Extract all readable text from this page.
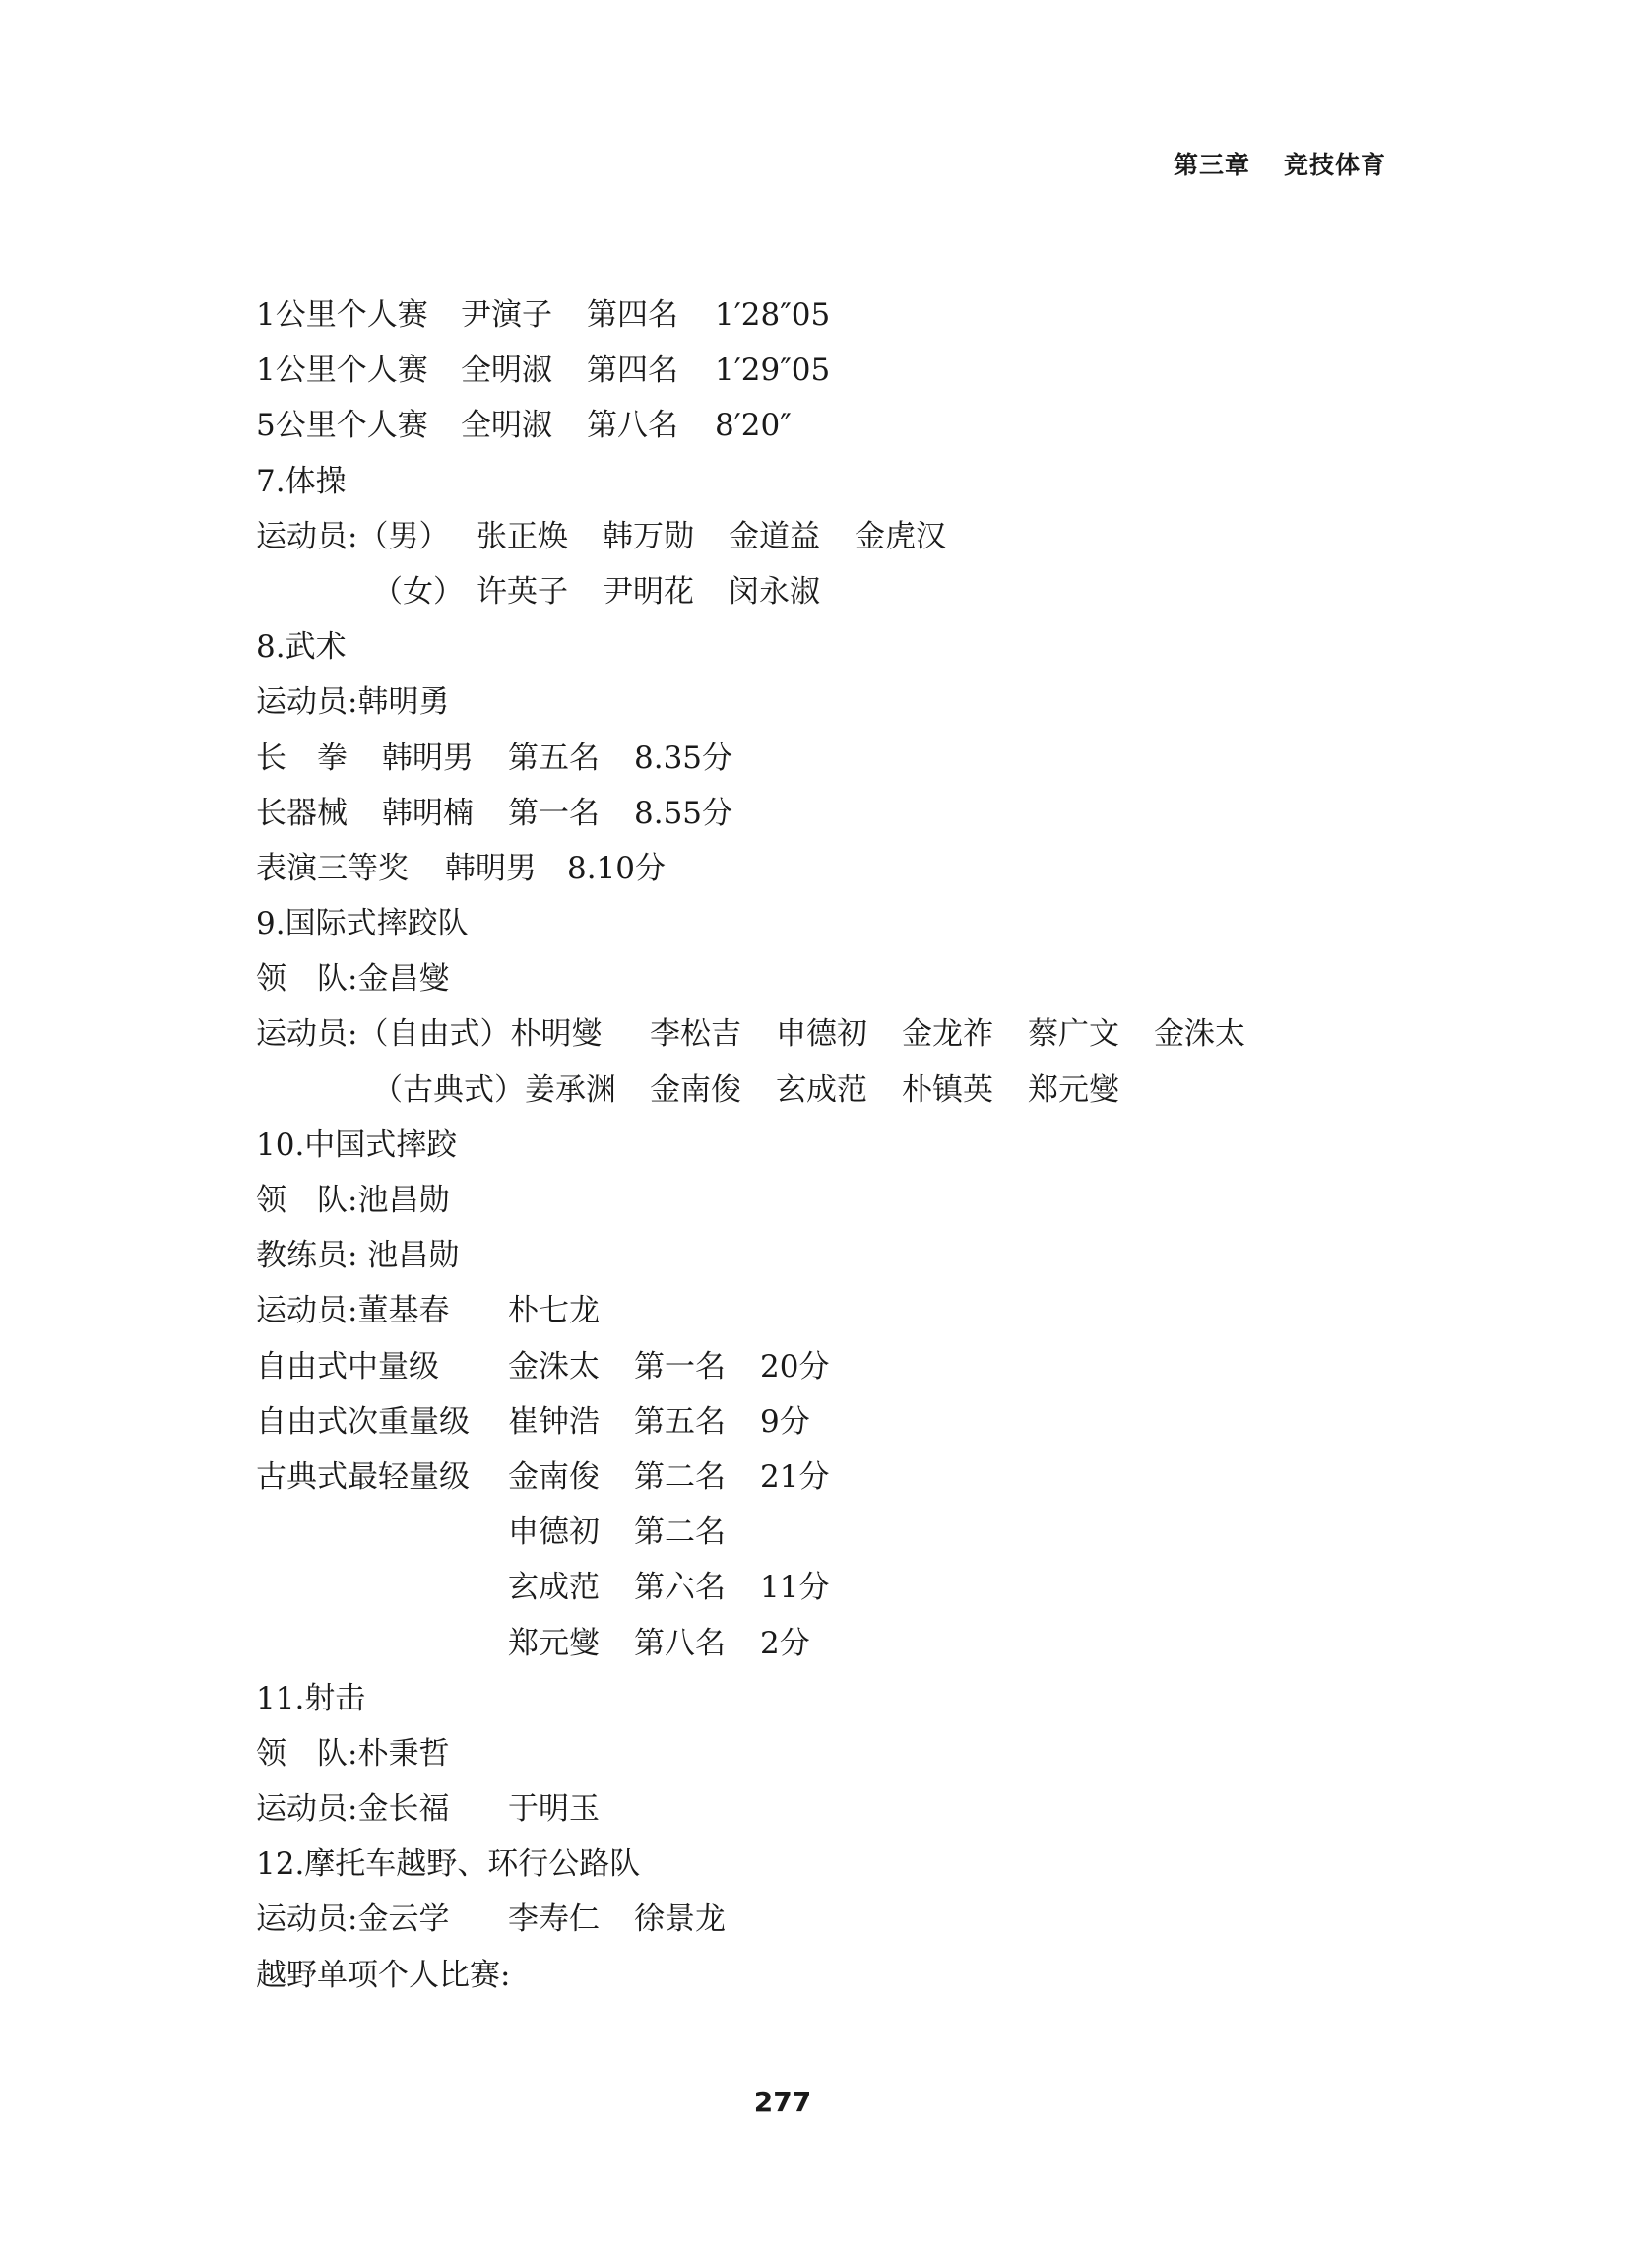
第三章 竞技体育
1公里个人赛 尹演子 第四名 1′28″05
1公里个人赛 全明淑 第四名 1′29″05
5公里个人赛 全明淑 第八名 8′20″
7.体操
运动员:（男） 张正焕 韩万勋 金道益 金虎汉
（女） 许英子 尹明花 闵永淑
8.武术
运动员:韩明勇
长　拳 韩明男 第五名 8.35分
长器械 韩明楠 第一名 8.55分
表演三等奖 韩明男 8.10分
9.国际式摔跤队
领　队:金昌燮
运动员:（自由式）朴明燮 李松吉 申德初 金龙祚 蔡广文 金洙太
（古典式）姜承渊 金南俊 玄成范 朴镇英 郑元燮
10.中国式摔跤
领　队:池昌勋
教练员: 池昌勋
运动员:董基春 朴七龙
自由式中量级 金洙太 第一名 20分
自由式次重量级 崔钟浩 第五名 9分
古典式最轻量级 金南俊 第二名 21分
申德初 第二名
玄成范 第六名 11分
郑元燮 第八名 2分
11.射击
领　队:朴秉哲
运动员:金长福 于明玉
12.摩托车越野、环行公路队
运动员:金云学 李寿仁 徐景龙
越野单项个人比赛:
277
